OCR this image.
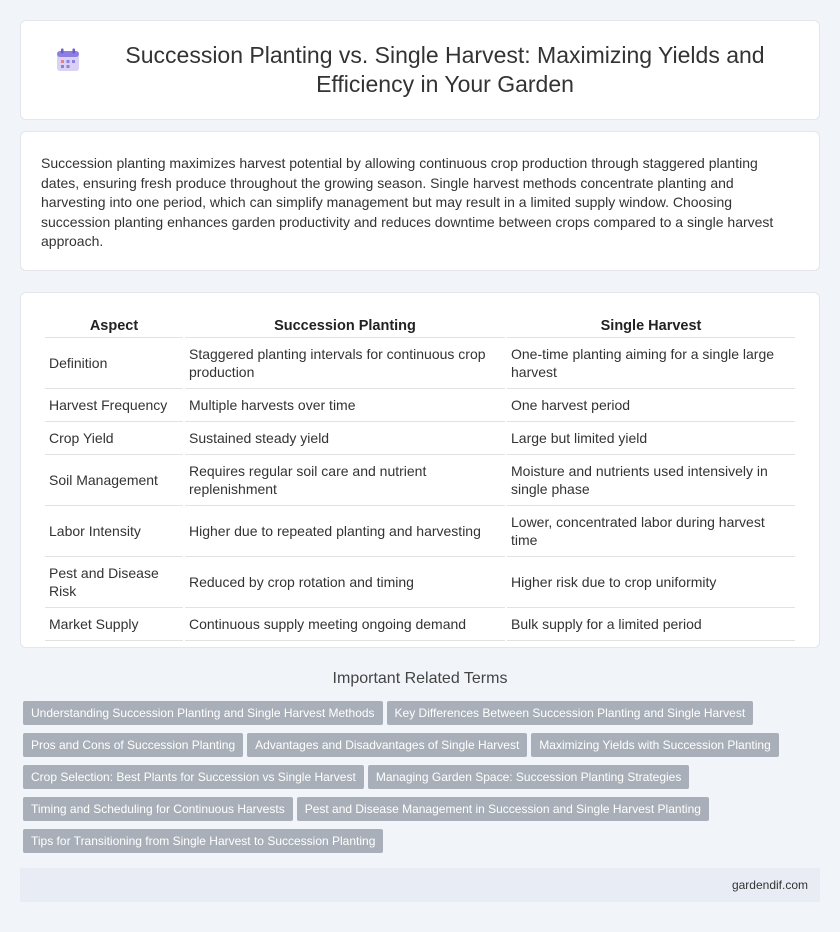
Succession Planting vs. Single Harvest: Maximizing Yields and Efficiency in Your Garden

Succession planting maximizes harvest potential by allowing continuous crop production through staggered planting dates, ensuring fresh produce throughout the growing season. Single harvest methods concentrate planting and harvesting into one period, which can simplify management but may result in a limited supply window. Choosing succession planting enhances garden productivity and reduces downtime between crops compared to a single harvest approach.

Aspect	Succession Planting	Single Harvest
Definition	Staggered planting intervals for continuous crop production	One-time planting aiming for a single large harvest
Harvest Frequency	Multiple harvests over time	One harvest period
Crop Yield	Sustained steady yield	Large but limited yield
Soil Management	Requires regular soil care and nutrient replenishment	Moisture and nutrients used intensively in single phase
Labor Intensity	Higher due to repeated planting and harvesting	Lower, concentrated labor during harvest time
Pest and Disease Risk	Reduced by crop rotation and timing	Higher risk due to crop uniformity
Market Supply	Continuous supply meeting ongoing demand	Bulk supply for a limited period
Important Related Terms
Understanding Succession Planting and Single Harvest Methods Key Differences Between Succession Planting and Single Harvest
Pros and Cons of Succession Planting Advantages and Disadvantages of Single Harvest Maximizing Yields with Succession Planting
Crop Selection: Best Plants for Succession vs Single Harvest Managing Garden Space: Succession Planting Strategies
Timing and Scheduling for Continuous Harvests Pest and Disease Management in Succession and Single Harvest Planting
Tips for Transitioning from Single Harvest to Succession Planting
gardendif.com
